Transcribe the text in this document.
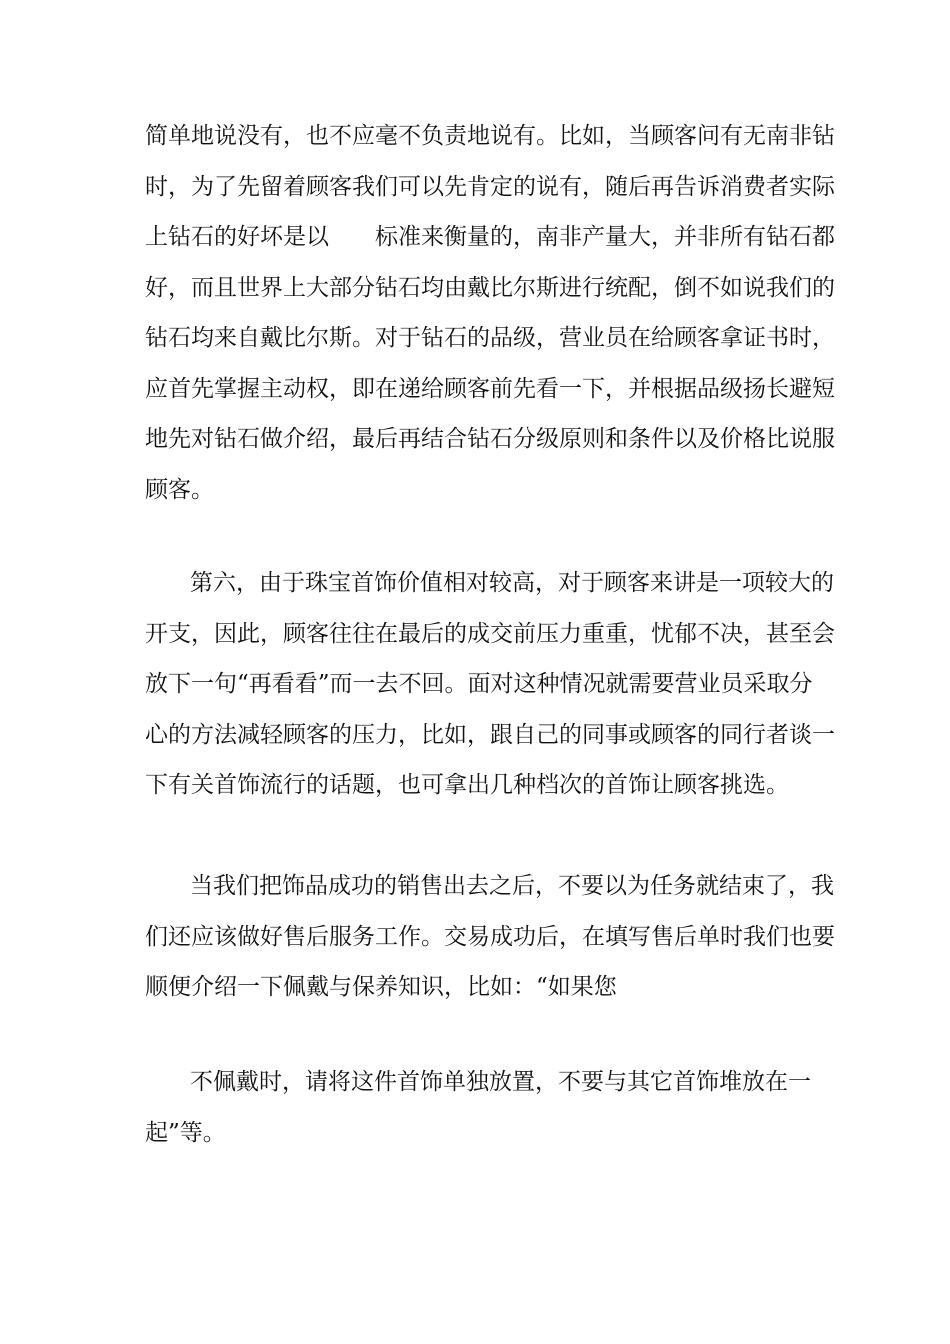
简单地说没有，也不应毫不负责地说有。比如，当顾客问有无南非钻
时，为了先留着顾客我们可以先肯定的说有，随后再告诉消费者实际
上钻石的好坏是以　　标准来衡量的，南非产量大，并非所有钻石都
好，而且世界上大部分钻石均由戴比尔斯进行统配，倒不如说我们的
钻石均来自戴比尔斯。对于钻石的品级，营业员在给顾客拿证书时，
应首先掌握主动权，即在递给顾客前先看一下，并根据品级扬长避短
地先对钻石做介绍，最后再结合钻石分级原则和条件以及价格比说服
顾客。
第六，由于珠宝首饰价值相对较高，对于顾客来讲是一项较大的
开支，因此，顾客往往在最后的成交前压力重重，忧郁不决，甚至会
放下一句“再看看”而一去不回。面对这种情况就需要营业员采取分
心的方法减轻顾客的压力，比如，跟自己的同事或顾客的同行者谈一
下有关首饰流行的话题，也可拿出几种档次的首饰让顾客挑选。
当我们把饰品成功的销售出去之后，不要以为任务就结束了，我
们还应该做好售后服务工作。交易成功后，在填写售后单时我们也要
顺便介绍一下佩戴与保养知识，比如：“如果您
不佩戴时，请将这件首饰单独放置，不要与其它首饰堆放在一
起”等。
